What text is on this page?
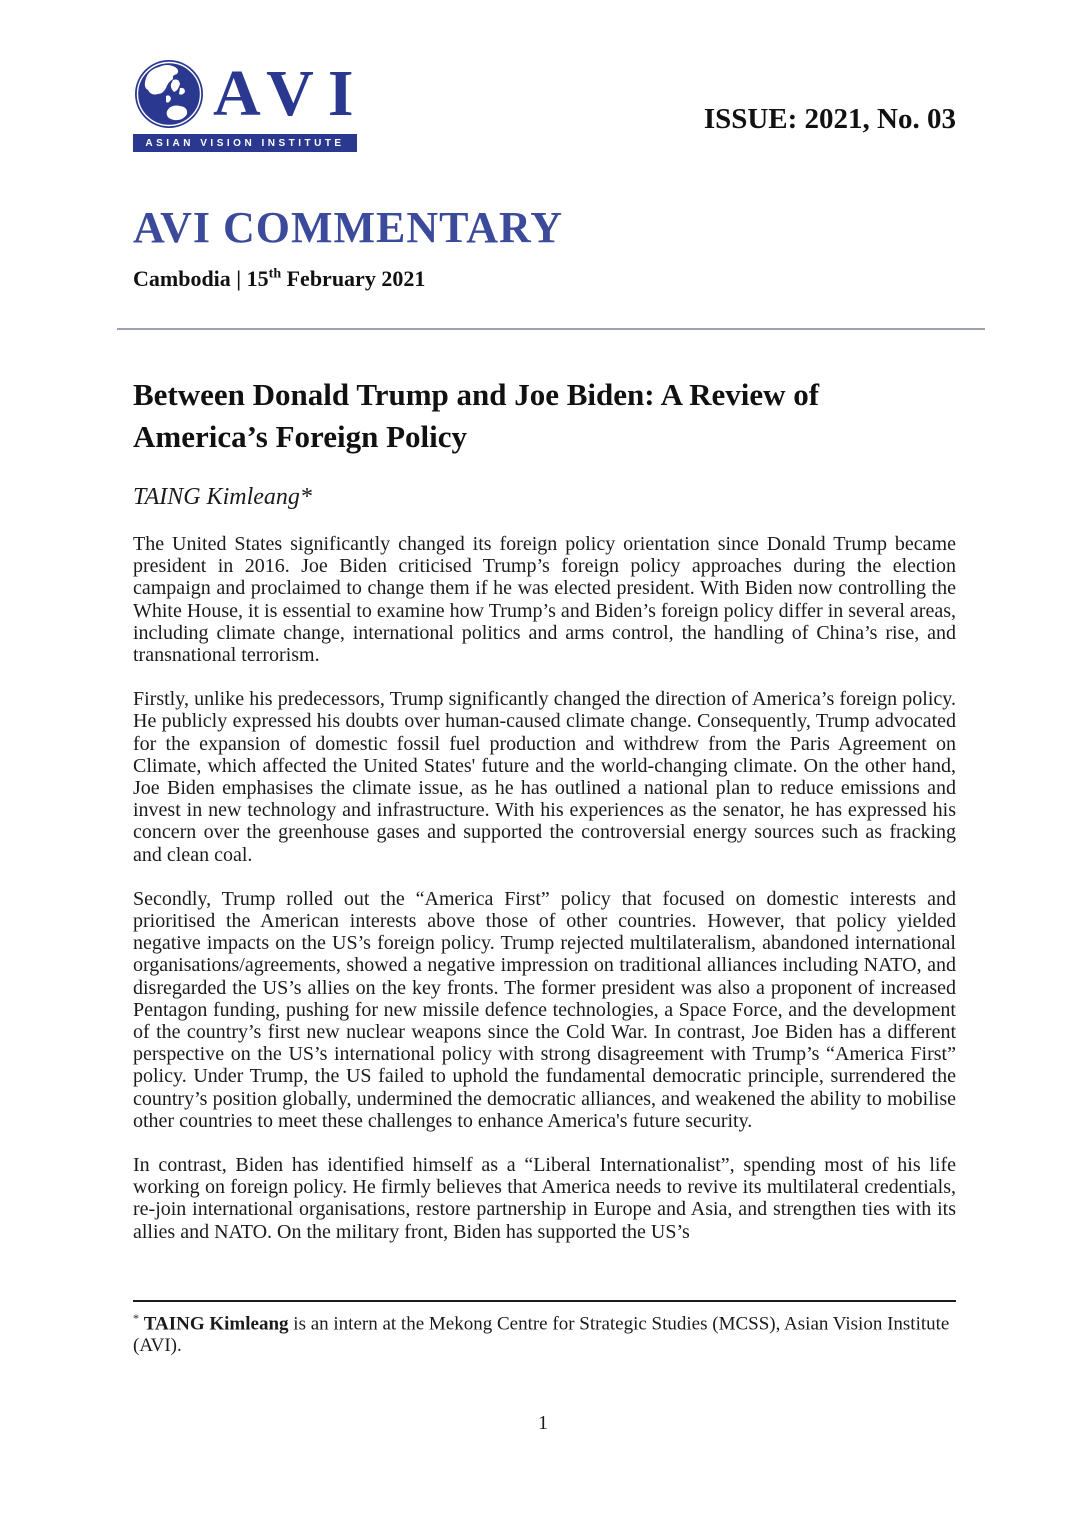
AVI
ASIAN VISION INSTITUTE
ISSUE: 2021, No. 03
AVI COMMENTARY
Cambodia | 15th February 2021
Between Donald Trump and Joe Biden: A Review of America’s Foreign Policy
TAING Kimleang*

The United States significantly changed its foreign policy orientation since Donald Trump became president in 2016. Joe Biden criticised Trump’s foreign policy approaches during the election campaign and proclaimed to change them if he was elected president. With Biden now controlling the White House, it is essential to examine how Trump’s and Biden’s foreign policy differ in several areas, including climate change, international politics and arms control, the handling of China’s rise, and transnational terrorism.

Firstly, unlike his predecessors, Trump significantly changed the direction of America’s foreign policy. He publicly expressed his doubts over human-caused climate change. Consequently, Trump advocated for the expansion of domestic fossil fuel production and withdrew from the Paris Agreement on Climate, which affected the United States' future and the world-changing climate. On the other hand, Joe Biden emphasises the climate issue, as he has outlined a national plan to reduce emissions and invest in new technology and infrastructure. With his experiences as the senator, he has expressed his concern over the greenhouse gases and supported the controversial energy sources such as fracking and clean coal.

Secondly, Trump rolled out the “America First” policy that focused on domestic interests and prioritised the American interests above those of other countries. However, that policy yielded negative impacts on the US’s foreign policy. Trump rejected multilateralism, abandoned international organisations/agreements, showed a negative impression on traditional alliances including NATO, and disregarded the US’s allies on the key fronts. The former president was also a proponent of increased Pentagon funding, pushing for new missile defence technologies, a Space Force, and the development of the country’s first new nuclear weapons since the Cold War. In contrast, Joe Biden has a different perspective on the US’s international policy with strong disagreement with Trump’s “America First” policy. Under Trump, the US failed to uphold the fundamental democratic principle, surrendered the country’s position globally, undermined the democratic alliances, and weakened the ability to mobilise other countries to meet these challenges to enhance America's future security.

In contrast, Biden has identified himself as a “Liberal Internationalist”, spending most of his life working on foreign policy. He firmly believes that America needs to revive its multilateral credentials, re-join international organisations, restore partnership in Europe and Asia, and strengthen ties with its allies and NATO. On the military front, Biden has supported the US’s

* TAING Kimleang is an intern at the Mekong Centre for Strategic Studies (MCSS), Asian Vision Institute (AVI).
1
